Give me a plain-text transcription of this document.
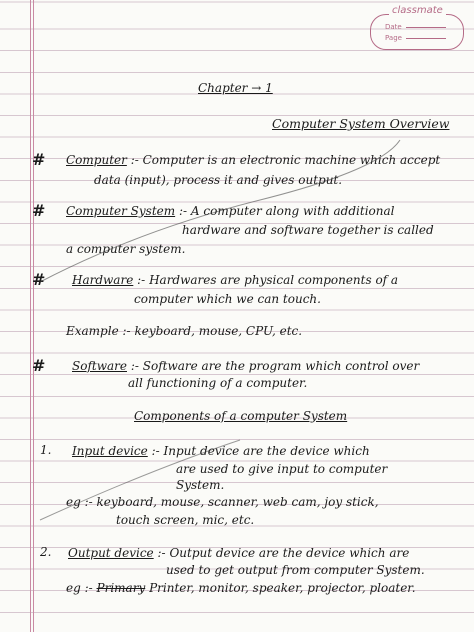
classmate
Date
Page
Chapter → 1
Computer System Overview
# Computer :- Computer is an electronic machine which accept
data (input), process it and gives output.
# Computer System :- A computer along with additional
hardware and software together is called
a computer system.
# Hardware :- Hardwares are physical components of a
computer which we can touch.
Example :- keyboard, mouse, CPU, etc.
# Software :- Software are the program which control over
all functioning of a computer.
Components of a computer System
1. Input device :- Input device are the device which
are used to give input to computer
System.
eg :- keyboard, mouse, scanner, web cam, joy stick,
touch screen, mic, etc.
2. Output device :- Output device are the device which are
used to get output from computer System.
eg :- Primary Printer, monitor, speaker, projector, ploater.
